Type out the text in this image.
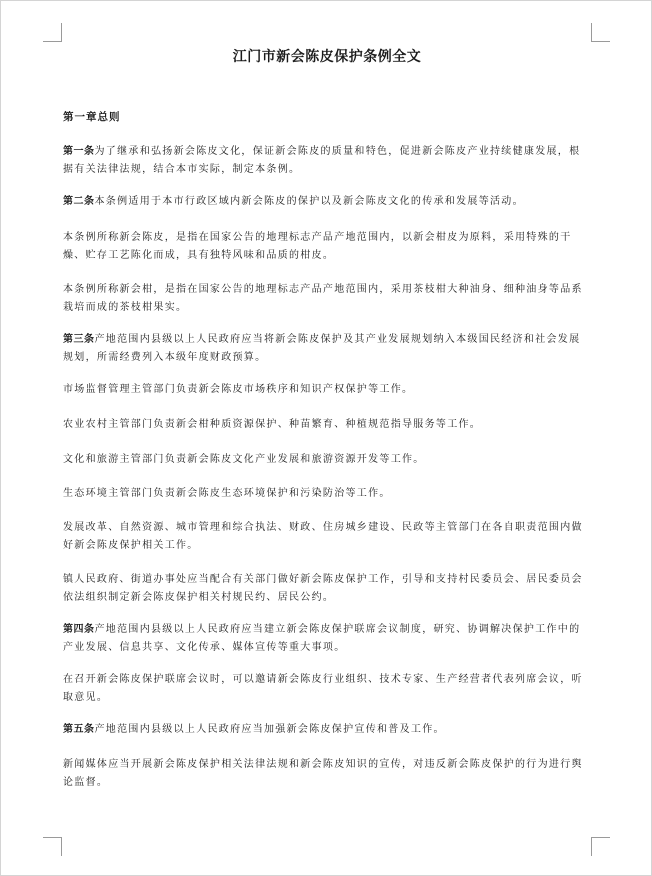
江门市新会陈皮保护条例全文
第一章总则

第一条为了继承和弘扬新会陈皮文化，保证新会陈皮的质量和特色，促进新会陈皮产业持续健康发展，根据有关法律法规，结合本市实际，制定本条例。

第二条本条例适用于本市行政区域内新会陈皮的保护以及新会陈皮文化的传承和发展等活动。

本条例所称新会陈皮，是指在国家公告的地理标志产品产地范围内，以新会柑皮为原料，采用特殊的干燥、贮存工艺陈化而成，具有独特风味和品质的柑皮。

本条例所称新会柑，是指在国家公告的地理标志产品产地范围内，采用茶枝柑大种油身、细种油身等品系栽培而成的茶枝柑果实。

第三条产地范围内县级以上人民政府应当将新会陈皮保护及其产业发展规划纳入本级国民经济和社会发展规划，所需经费列入本级年度财政预算。

市场监督管理主管部门负责新会陈皮市场秩序和知识产权保护等工作。

农业农村主管部门负责新会柑种质资源保护、种苗繁育、种植规范指导服务等工作。

文化和旅游主管部门负责新会陈皮文化产业发展和旅游资源开发等工作。

生态环境主管部门负责新会陈皮生态环境保护和污染防治等工作。

发展改革、自然资源、城市管理和综合执法、财政、住房城乡建设、民政等主管部门在各自职责范围内做好新会陈皮保护相关工作。

镇人民政府、街道办事处应当配合有关部门做好新会陈皮保护工作，引导和支持村民委员会、居民委员会依法组织制定新会陈皮保护相关村规民约、居民公约。

第四条产地范围内县级以上人民政府应当建立新会陈皮保护联席会议制度，研究、协调解决保护工作中的产业发展、信息共享、文化传承、媒体宣传等重大事项。

在召开新会陈皮保护联席会议时，可以邀请新会陈皮行业组织、技术专家、生产经营者代表列席会议，听取意见。

第五条产地范围内县级以上人民政府应当加强新会陈皮保护宣传和普及工作。

新闻媒体应当开展新会陈皮保护相关法律法规和新会陈皮知识的宣传，对违反新会陈皮保护的行为进行舆论监督。
